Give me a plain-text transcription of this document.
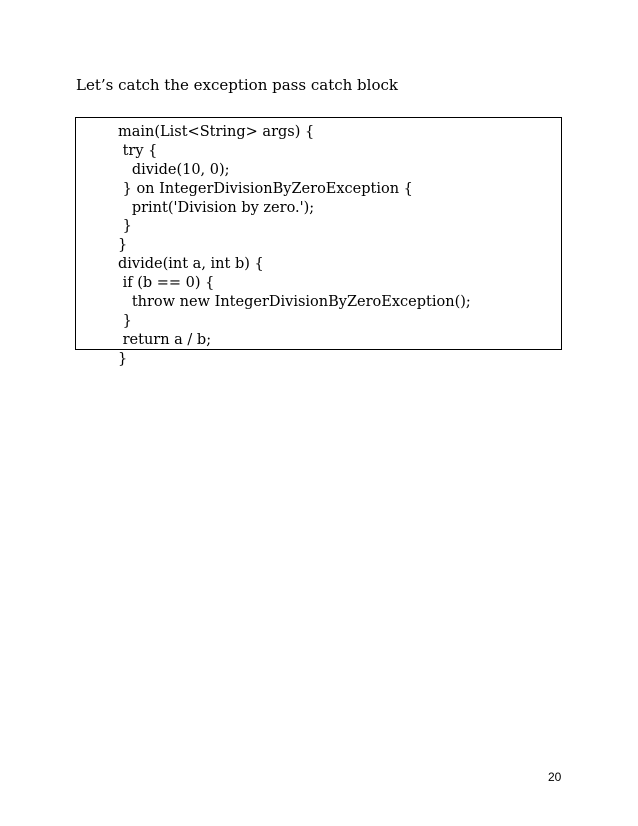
Let’s catch the exception pass catch block
main(List<String> args) {
try {
divide(10, 0);
} on IntegerDivisionByZeroException {
print('Division by zero.');
}
}
divide(int a, int b) {
if (b == 0) {
throw new IntegerDivisionByZeroException();
}
return a / b;
}
20
